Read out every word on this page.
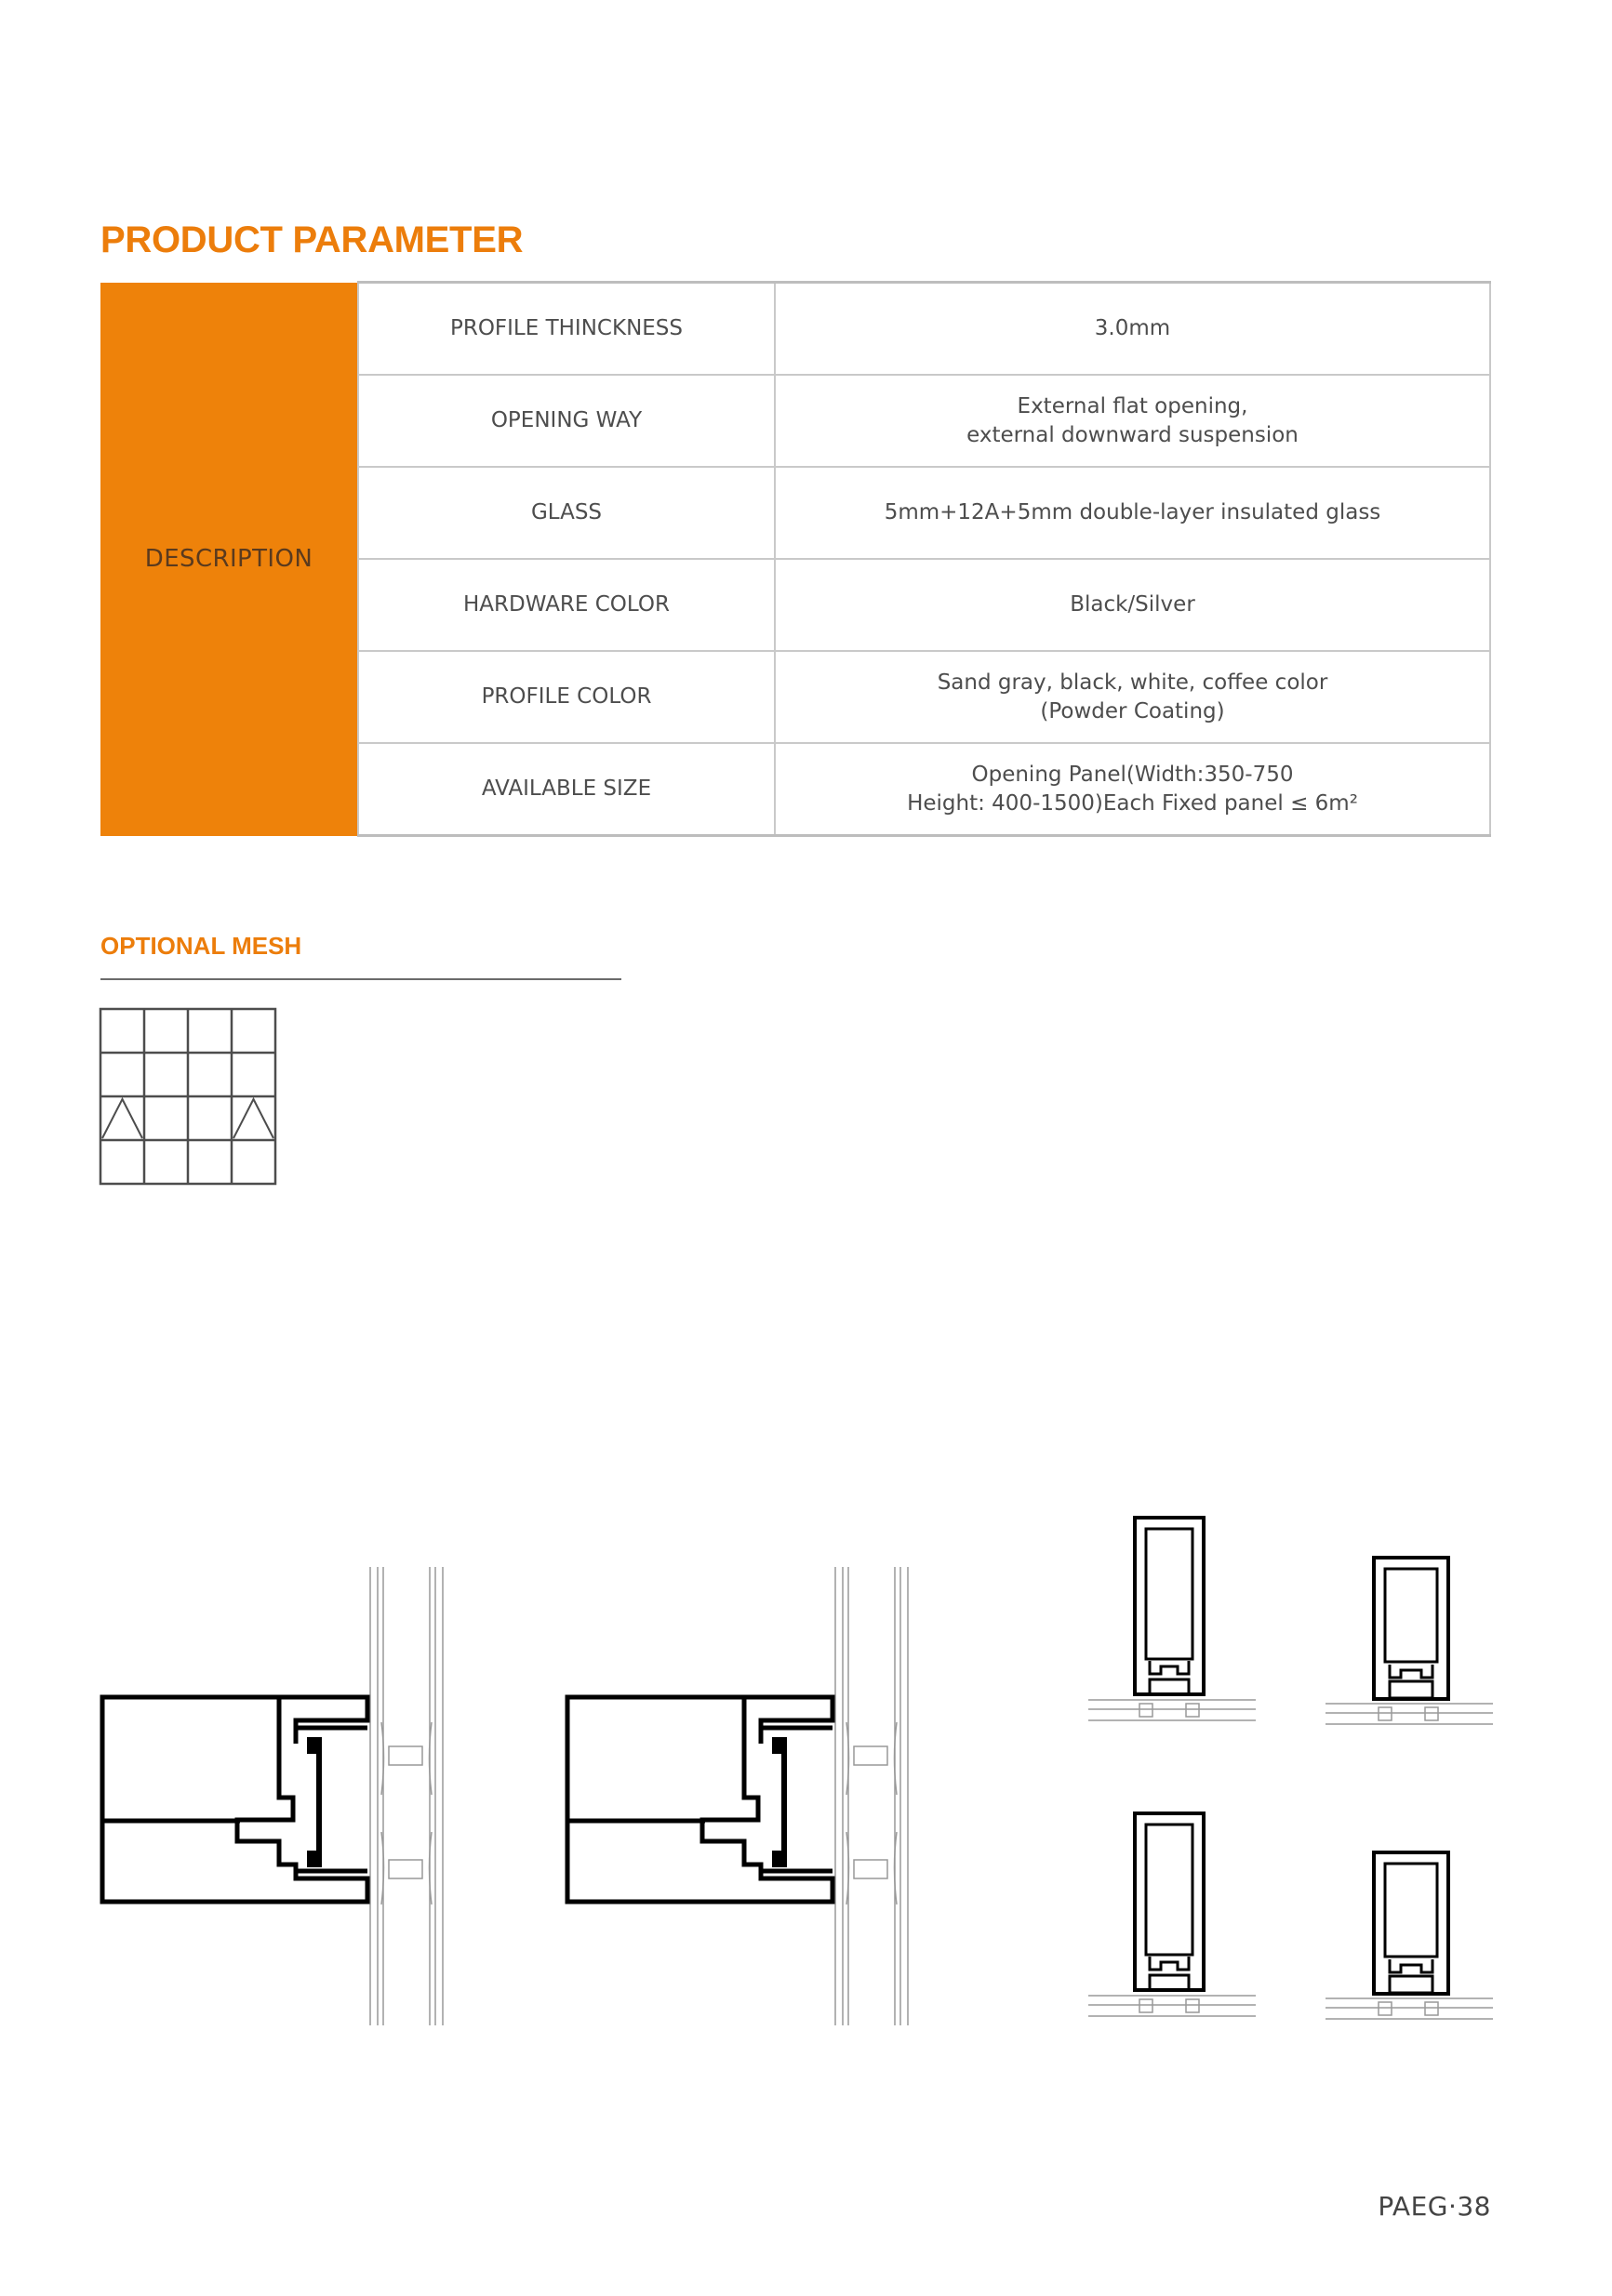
PRODUCT PARAMETER
DESCRIPTION	PROFILE THINCKNESS	3.0mm
	OPENING WAY	External flat opening,
external downward suspension
	GLASS	5mm+12A+5mm double-layer insulated glass
	HARDWARE COLOR	Black/Silver
	PROFILE COLOR	Sand gray, black, white, coffee color
(Powder Coating)
	AVAILABLE SIZE	Opening Panel(Width:350-750
Height: 400-1500)Each Fixed panel ≤ 6m²
OPTIONAL MESH
PAEG·38
